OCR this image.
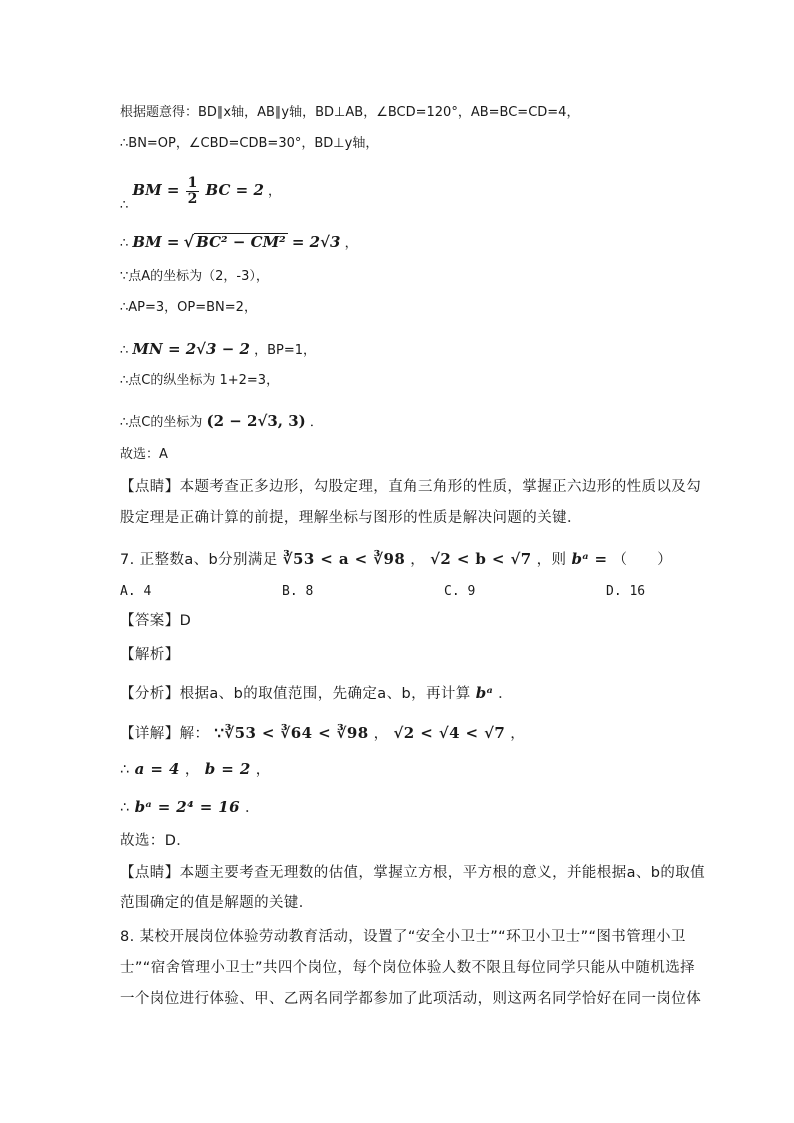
根据题意得：BD∥x轴，AB∥y轴，BD⊥AB，∠BCD=120°，AB=BC=CD=4，
∴BN=OP，∠CBD=CDB=30°，BD⊥y轴，
∴ BM = $\frac{1}{2}$ BC = 2 ，
∴ BM = √ BC² − CM² = 2√3 ，
∵点A的坐标为（2，-3），
∴AP=3，OP=BN=2，
∴ MN = 2√3 − 2 ，BP=1，
∴点C的纵坐标为 1+2=3，
∴点C的坐标为 (2 − 2√3, 3) ．
故选：A
【点睛】本题考查正多边形，勾股定理，直角三角形的性质，掌握正六边形的性质以及勾
股定理是正确计算的前提，理解坐标与图形的性质是解决问题的关键．
7. 正整数a、b分别满足 ∛53 < a < ∛98 ， √2 < b < √7 ，则 bᵃ = （　　）
A. 4	B. 8	C. 9	D. 16
【答案】D
【解析】
【分析】根据a、b的取值范围，先确定a、b，再计算 bᵃ ．
【详解】解： ∵∛53 < ∛64 < ∛98 ， √2 < √4 < √7 ，
∴ a = 4 ， b = 2 ，
∴ bᵃ = 2⁴ = 16 ．
故选：D．
【点睛】本题主要考查无理数的估值，掌握立方根，平方根的意义，并能根据a、b的取值
范围确定的值是解题的关键．
8. 某校开展岗位体验劳动教育活动，设置了“安全小卫士”“环卫小卫士”“图书管理小卫
士”“宿舍管理小卫士”共四个岗位，每个岗位体验人数不限且每位同学只能从中随机选择
一个岗位进行体验、甲、乙两名同学都参加了此项活动，则这两名同学恰好在同一岗位体
